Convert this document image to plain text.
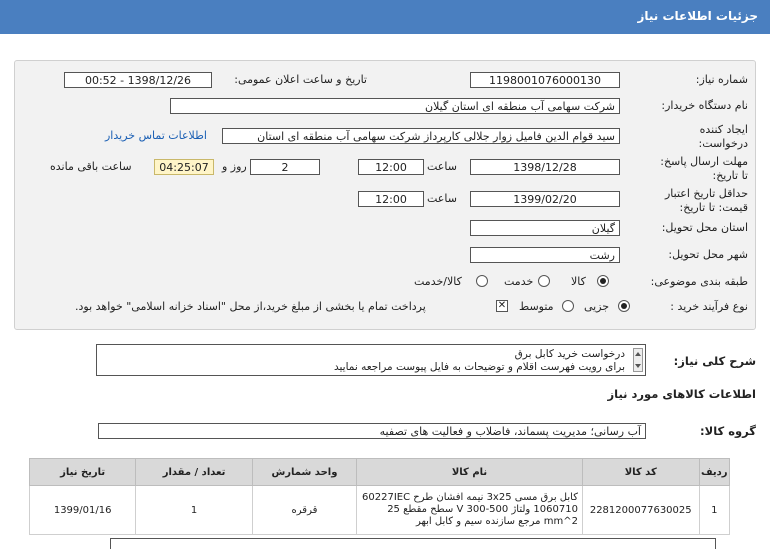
جزئیات اطلاعات نیاز
شماره نیاز:
1198001076000130
تاریخ و ساعت اعلان عمومی:
1398/12/26 - 00:52
نام دستگاه خریدار:
شرکت سهامی آب منطقه ای استان گیلان
ایجاد کننده
درخواست:
سید قوام الدین فامیل زوار جلالی کارپرداز شرکت سهامی آب منطقه ای استان
اطلاعات تماس خریدار
مهلت ارسال پاسخ:
تا تاریخ:
1398/12/28
ساعت
12:00
2
روز و
04:25:07
ساعت باقی مانده
حداقل تاریخ اعتبار
قیمت: تا تاریخ:
1399/02/20
ساعت
12:00
استان محل تحویل:
گیلان
شهر محل تحویل:
رشت
طبقه بندی موضوعی:
کالا
خدمت
کالا/خدمت
نوع فرآیند خرید :
جزیی
متوسط
✕
پرداخت تمام یا بخشی از مبلغ خرید،از محل "اسناد خزانه اسلامی" خواهد بود.
شرح کلی نیاز:
درخواست خرید کابل برق
برای رویت فهرست اقلام و توضیحات به فایل پیوست مراجعه نمایید
اطلاعات کالاهای مورد نیاز
گروه کالا:
آب رسانی؛ مدیریت پسماند، فاضلاب و فعالیت های تصفیه
ردیف	کد کالا	نام کالا	واحد شمارش	تعداد / مقدار	تاریخ نیاز
1	2281200077630025	کابل برق مسی 3x25 نیمه افشان طرح 60227IEC 1060710 ولتاژ 500-300 V سطح مقطع 25 mm^2 مرجع سازنده سیم و کابل ابهر	قرقره	1	1399/01/16
